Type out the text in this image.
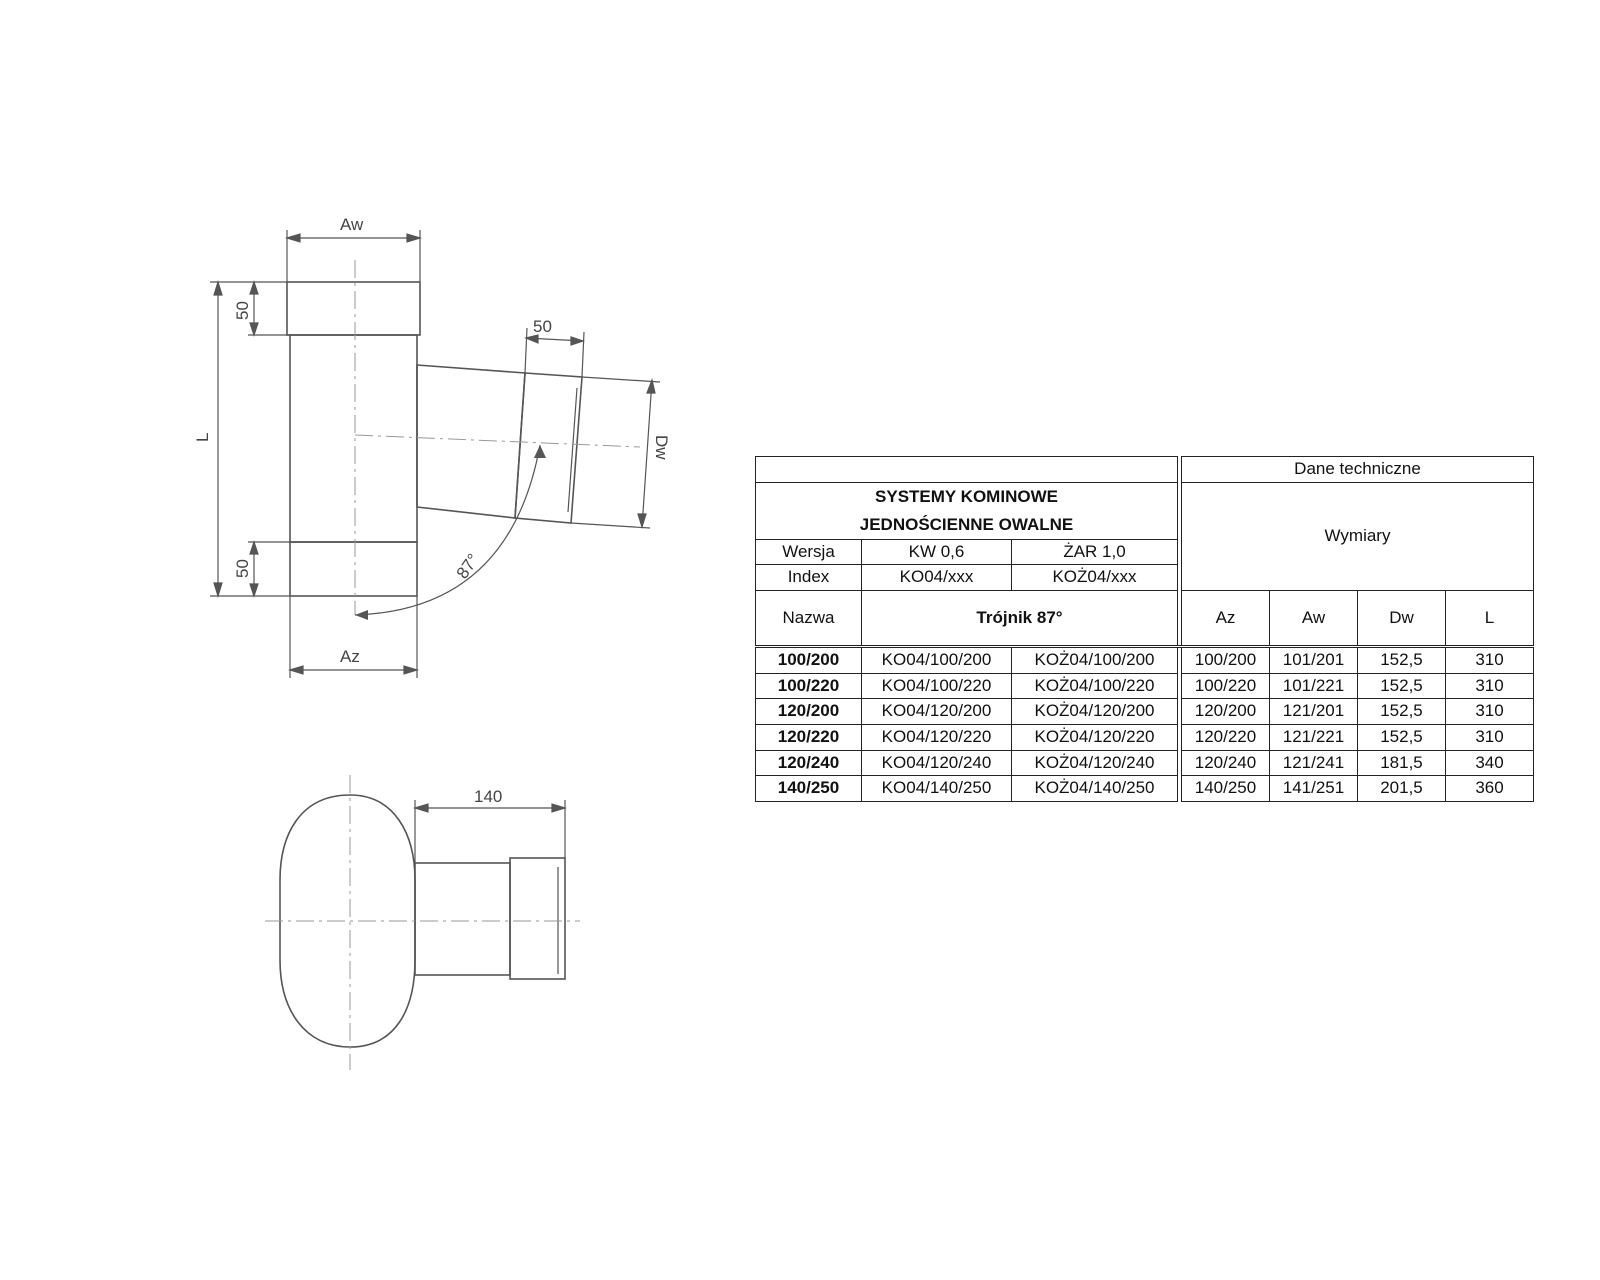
Aw
Az
L
50
50
50
Dw
87°
140
				Dane techniczne			

SYSTEMY KOMINOWE
JEDNOŚCIENNE OWALNE				Wymiary			
Wersja	KW 0,6	ŻAR 1,0					
Index	KO04/xxx	KOŻ04/xxx					
Nazwa	Trójnik 87°			Az	Aw	Dw	L
100/200	KO04/100/200	KOŻ04/100/200		100/200	101/201	152,5	310
100/220	KO04/100/220	KOŻ04/100/220		100/220	101/221	152,5	310
120/200	KO04/120/200	KOŻ04/120/200		120/200	121/201	152,5	310
120/220	KO04/120/220	KOŻ04/120/220		120/220	121/221	152,5	310
120/240	KO04/120/240	KOŻ04/120/240		120/240	121/241	181,5	340
140/250	KO04/140/250	KOŻ04/140/250		140/250	141/251	201,5	360
